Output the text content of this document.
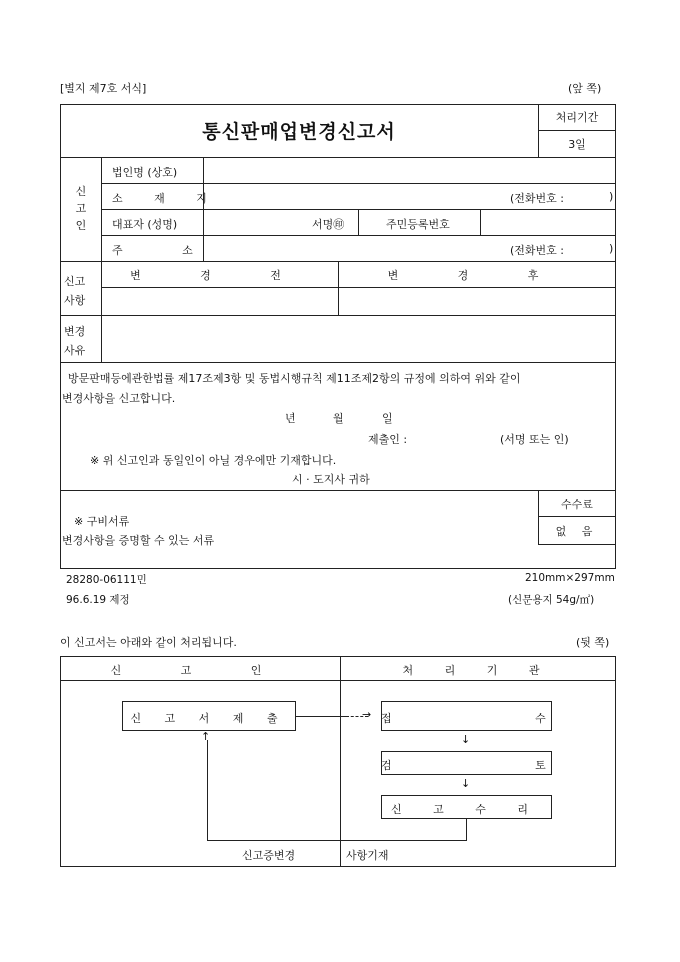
[별지 제7호 서식]	(앞 쪽)
통신판매업변경신고서
처리기간
3일
신고인
법인명 (상호)
소 재 지	(전화번호 :	)
대표자 (성명)	서명㊞	주민등록번호
주 소	(전화번호 :	)
신고
사항
변 경 전	변 경 후
변경
사유
방문판매등에관한법률 제17조제3항 및 동법시행규칙 제11조제2항의 규정에 의하여 위와 같이
변경사항을 신고합니다.
년	월	일
제출인 :	(서명 또는 인)
※ 위 신고인과 동일인이 아닐 경우에만 기재합니다.
시 · 도지사 귀하
수수료
없 음
※ 구비서류
변경사항을 증명할 수 있는 서류
28280-06111민
96.6.19 제정
210mm×297mm
(신문용지 54g/㎡)
이 신고서는 아래와 같이 처리됩니다.	(뒷 쪽)
신 고 인	처 리 기 관
신 고 서 제 출	→ 접 수
↓
검 토
↓
신 고 수 리
↑
신고증변경	사항기재
